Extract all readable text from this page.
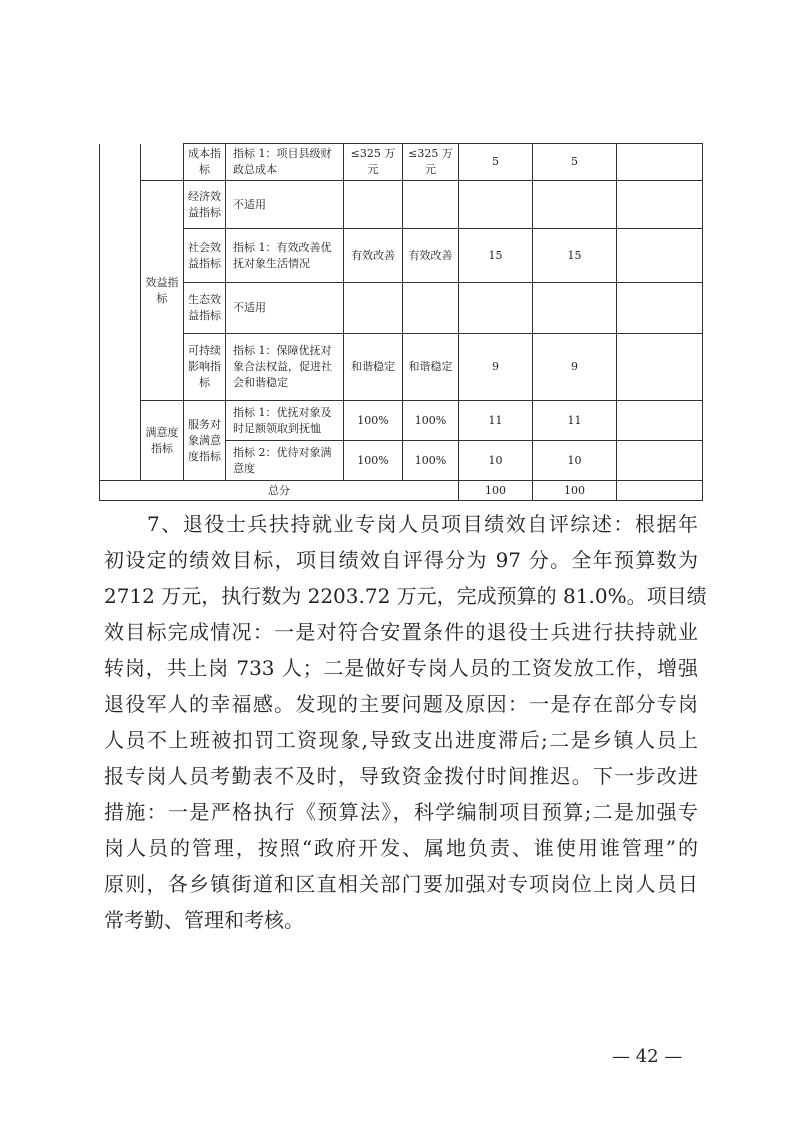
		成本指标	指标 1：项目县级财政总成本	≤325 万元	≤325 万元	5	5	
	效益指标	经济效益指标	不适用					
		社会效益指标	指标 1：有效改善优抚对象生活情况	有效改善	有效改善	15	15	
		生态效益指标	不适用					
		可持续影响指标	指标 1：保障优抚对象合法权益，促进社会和谐稳定	和谐稳定	和谐稳定	9	9	
	满意度指标	服务对象满意度指标	指标 1：优抚对象及时足额领取到抚恤	100%	100%	11	11	
			指标 2：优待对象满意度	100%	100%	10	10	
总分						100	100	
　　7、退役士兵扶持就业专岗人员项目绩效自评综述：根据年
初设定的绩效目标，项目绩效自评得分为 97 分。全年预算数为
2712 万元，执行数为 2203.72 万元，完成预算的 81.0%。项目绩
效目标完成情况：一是对符合安置条件的退役士兵进行扶持就业
转岗，共上岗 733 人；二是做好专岗人员的工资发放工作，增强
退役军人的幸福感。发现的主要问题及原因：一是存在部分专岗
人员不上班被扣罚工资现象,导致支出进度滞后;二是乡镇人员上
报专岗人员考勤表不及时，导致资金拨付时间推迟。下一步改进
措施：一是严格执行《预算法》，科学编制项目预算;二是加强专
岗人员的管理，按照“政府开发、属地负责、谁使用谁管理”的
原则，各乡镇街道和区直相关部门要加强对专项岗位上岗人员日
常考勤、管理和考核。
— 42 —
